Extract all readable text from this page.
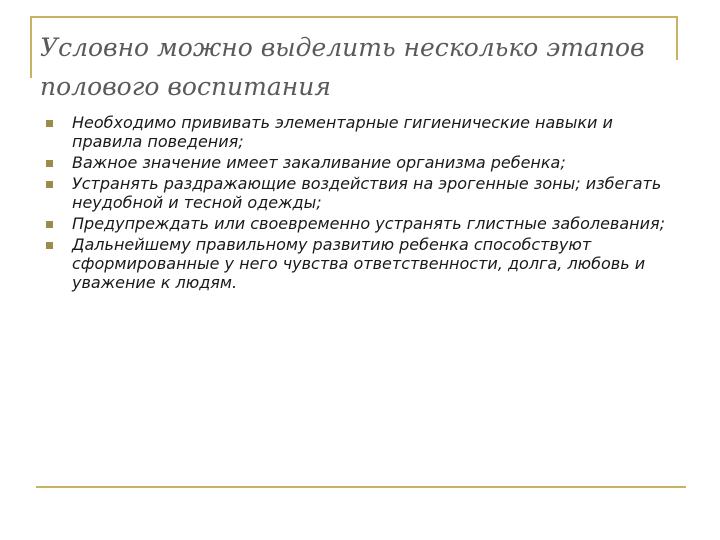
Условно можно выделить несколько этапов полового воспитания
Необходимо прививать элементарные гигиенические навыки и правила поведения;
Важное значение имеет закаливание организма ребенка;
Устранять раздражающие воздействия на эрогенные зоны; избегать неудобной и тесной одежды;
Предупреждать или своевременно устранять глистные заболевания;
Дальнейшему правильному развитию ребенка способствуют сформированные у него чувства ответственности, долга, любовь и уважение к людям.
